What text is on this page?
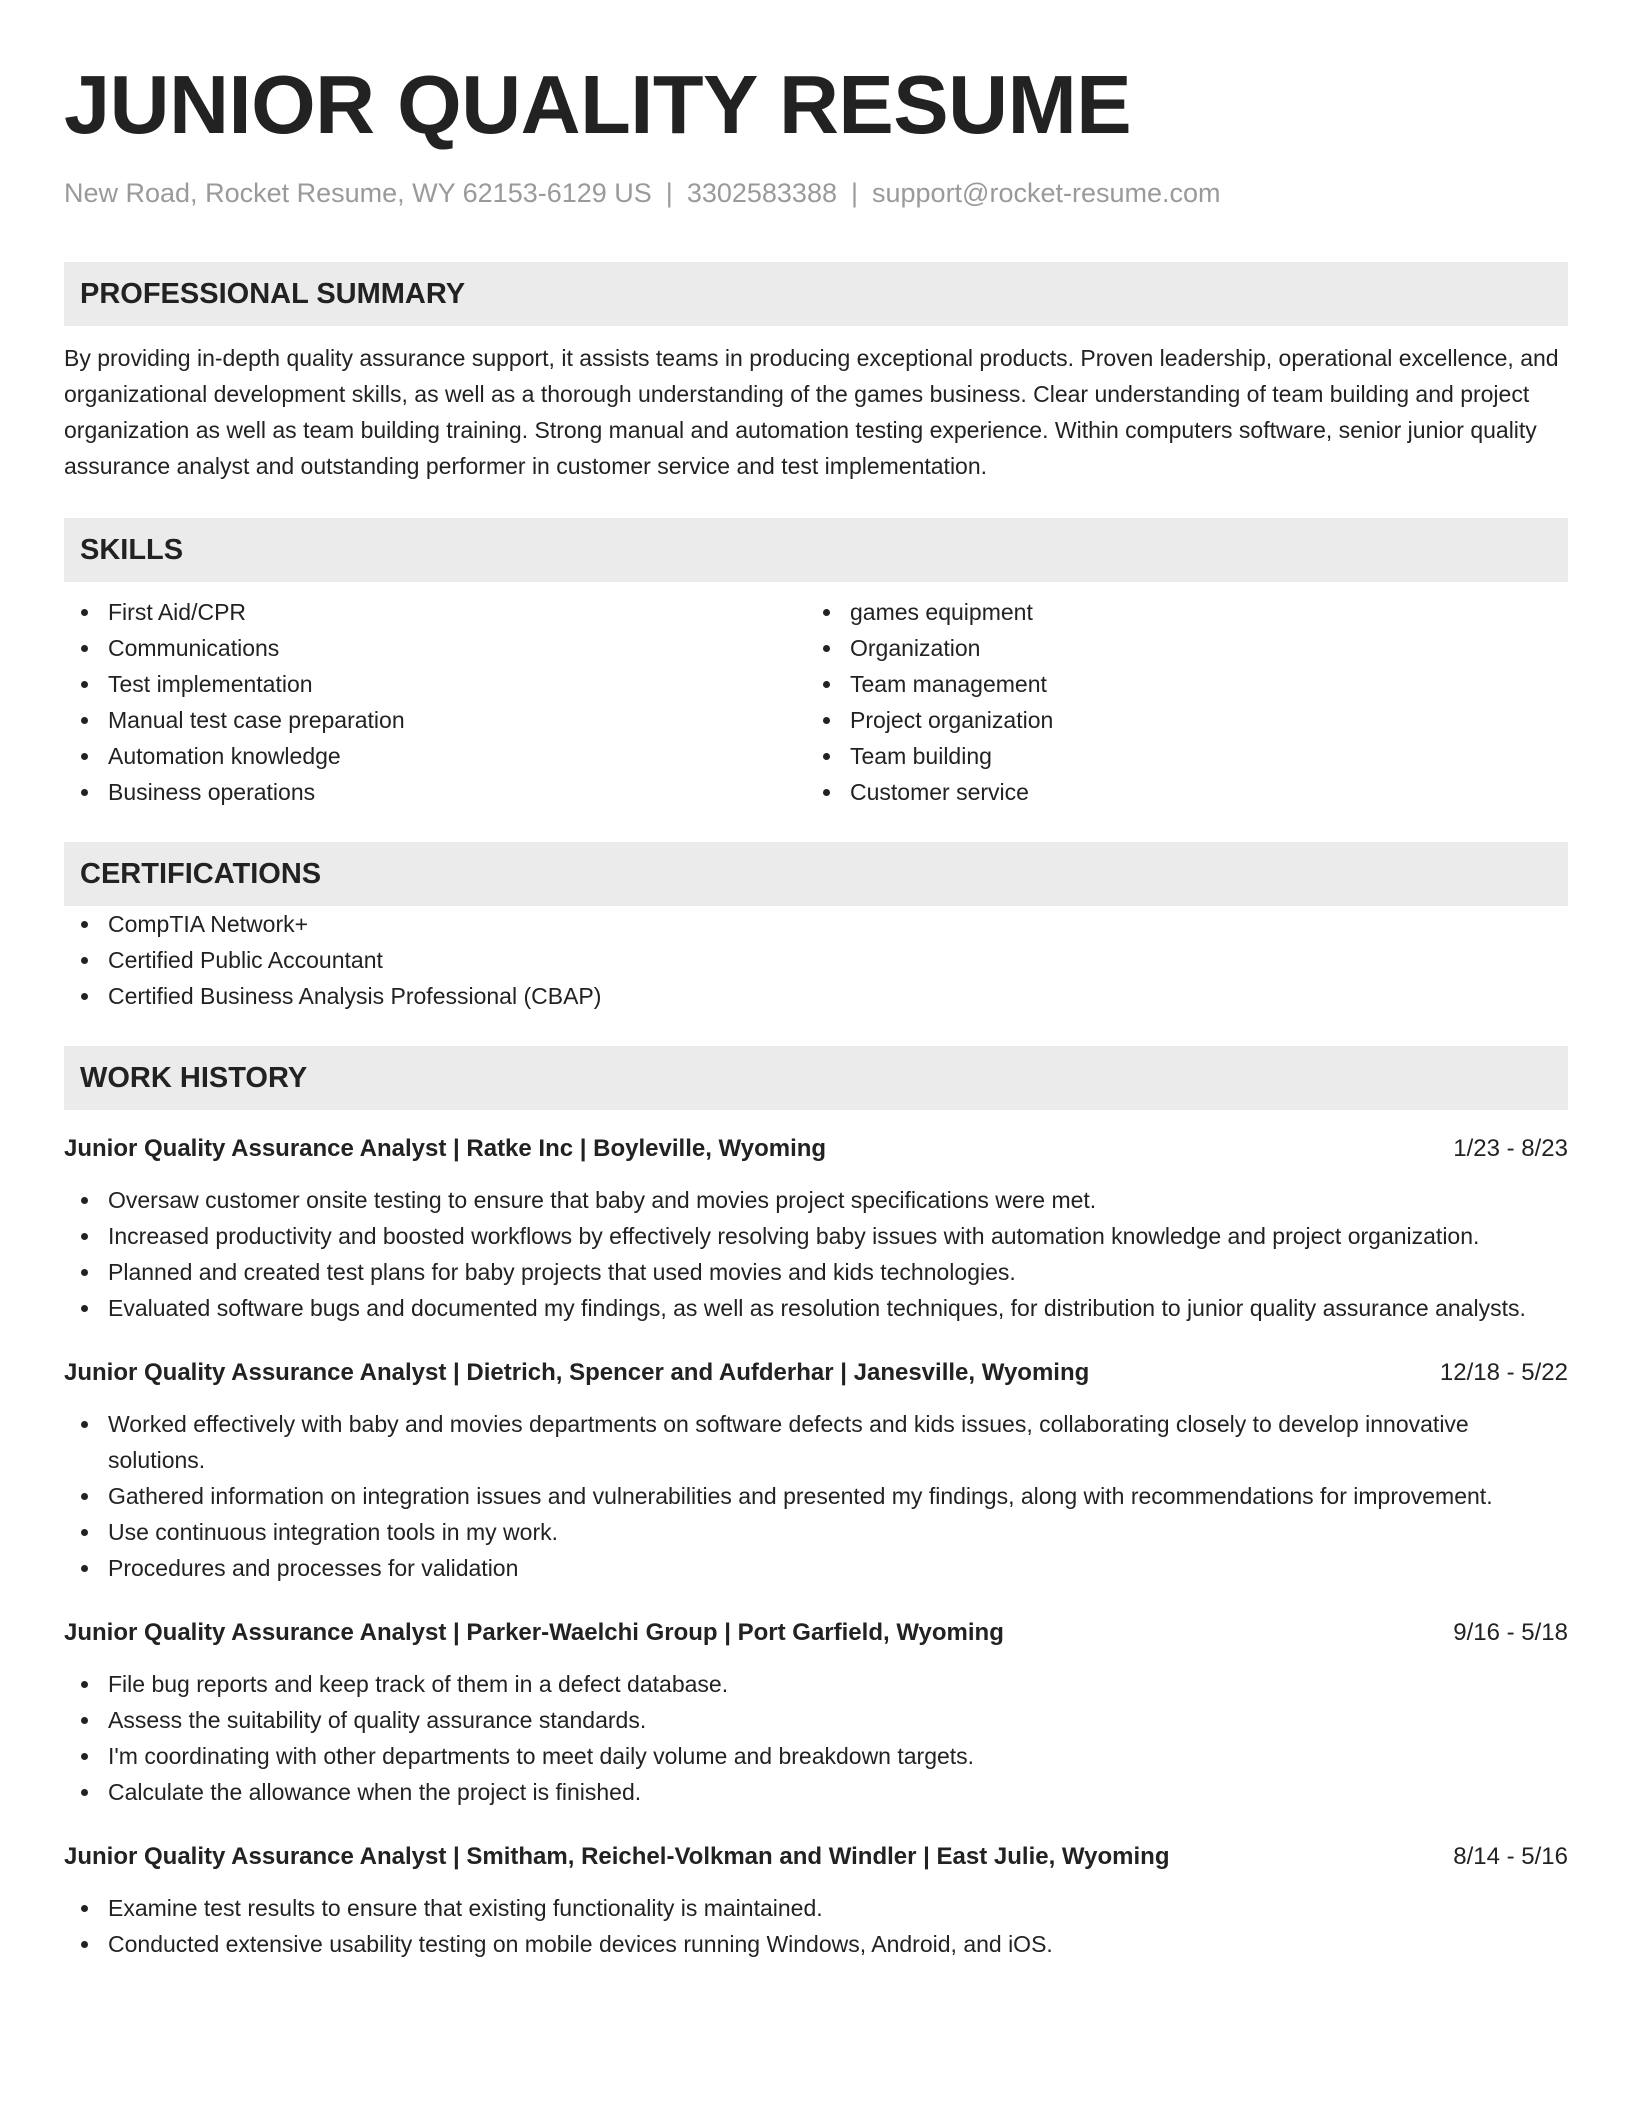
JUNIOR QUALITY RESUME
New Road, Rocket Resume, WY 62153-6129 US | 3302583388 | support@rocket-resume.com
PROFESSIONAL SUMMARY

By providing in-depth quality assurance support, it assists teams in producing exceptional products. Proven leadership, operational excellence, and organizational development skills, as well as a thorough understanding of the games business. Clear understanding of team building and project organization as well as team building training. Strong manual and automation testing experience. Within computers software, senior junior quality assurance analyst and outstanding performer in customer service and test implementation.

SKILLS
First Aid/CPR
Communications
Test implementation
Manual test case preparation
Automation knowledge
Business operations
games equipment
Organization
Team management
Project organization
Team building
Customer service
CERTIFICATIONS
CompTIA Network+
Certified Public Accountant
Certified Business Analysis Professional (CBAP)
WORK HISTORY
Junior Quality Assurance Analyst | Ratke Inc | Boyleville, Wyoming	1/23 - 8/23
Oversaw customer onsite testing to ensure that baby and movies project specifications were met.
Increased productivity and boosted workflows by effectively resolving baby issues with automation knowledge and project organization.
Planned and created test plans for baby projects that used movies and kids technologies.
Evaluated software bugs and documented my findings, as well as resolution techniques, for distribution to junior quality assurance analysts.
Junior Quality Assurance Analyst | Dietrich, Spencer and Aufderhar | Janesville, Wyoming	12/18 - 5/22
Worked effectively with baby and movies departments on software defects and kids issues, collaborating closely to develop innovative solutions.
Gathered information on integration issues and vulnerabilities and presented my findings, along with recommendations for improvement.
Use continuous integration tools in my work.
Procedures and processes for validation
Junior Quality Assurance Analyst | Parker-Waelchi Group | Port Garfield, Wyoming	9/16 - 5/18
File bug reports and keep track of them in a defect database.
Assess the suitability of quality assurance standards.
I'm coordinating with other departments to meet daily volume and breakdown targets.
Calculate the allowance when the project is finished.
Junior Quality Assurance Analyst | Smitham, Reichel-Volkman and Windler | East Julie, Wyoming	8/14 - 5/16
Examine test results to ensure that existing functionality is maintained.
Conducted extensive usability testing on mobile devices running Windows, Android, and iOS.
